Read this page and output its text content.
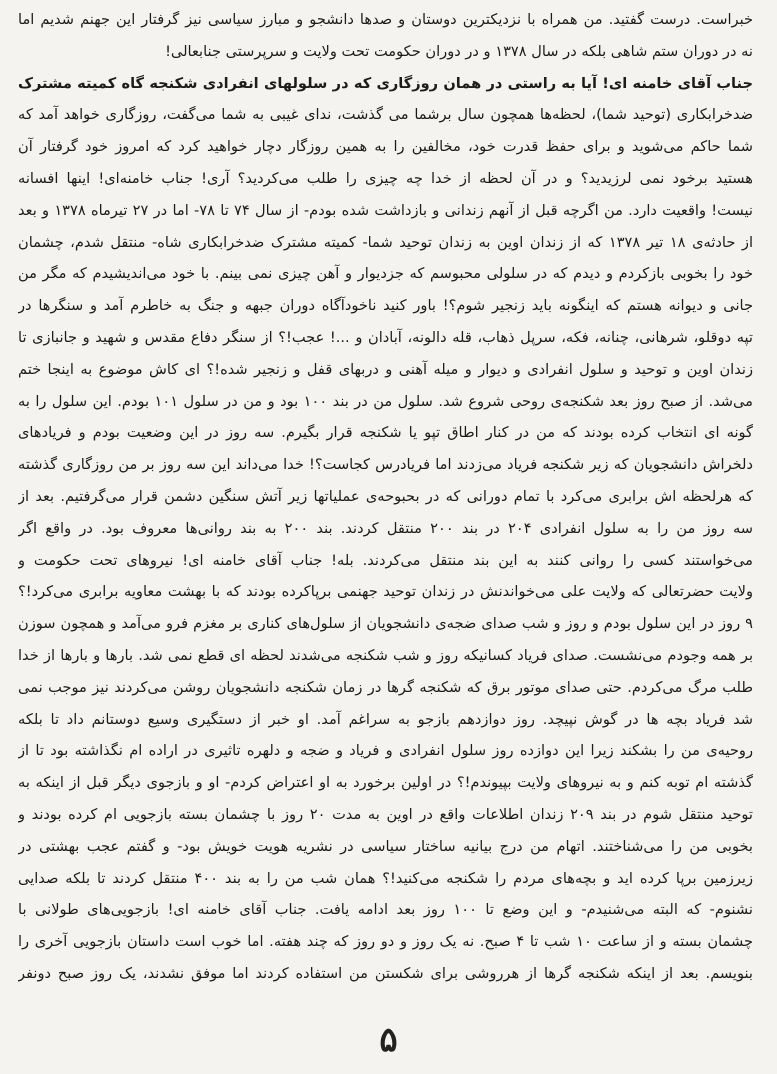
خبراست. درست گفتید. من همراه با نزدیکترین دوستان و صدها دانشجو و مبارز سیاسی نیز گرفتار این جهنم شدیم اما
نه در دوران ستم شاهی بلکه در سال ۱۳۷۸ و در دوران حکومت تحت ولایت و سرپرستی جنابعالی!
جناب آقای خامنه ای! آیا به راستی در همان روزگاری که در سلولهای انفرادی شکنجه گاه کمیته مشترک
ضدخرابکاری (توحید شما)، لحظه‌ها همچون سال برشما می گذشت، ندای غیبی به شما می‌گفت، روزگاری خواهد آمد که
شما حاکم می‌شوید و برای حفظ قدرت خود، مخالفین را به همین روزگار دچار خواهید کرد که امروز خود گرفتار آن
هستید برخود نمی لرزیدید؟ و در آن لحظه از خدا چه چیزی را طلب می‌کردید؟ آری! جناب خامنه‌ای! اینها افسانه
نیست! واقعیت دارد. من اگرچه قبل از آنهم زندانی و بازداشت شده بودم- از سال ۷۴ تا ۷۸- اما در ۲۷ تیرماه ۱۳۷۸ و بعد
از حادثه‌ی ۱۸ تیر ۱۳۷۸ که از زندان اوین به زندان توحید شما- کمیته مشترک ضدخرابکاری شاه- منتقل شدم، چشمان
خود را بخوبی بازکردم و دیدم که در سلولی محبوسم که جزدیوار و آهن چیزی نمی بینم. با خود می‌اندیشیدم که مگر من
جانی و دیوانه هستم که اینگونه باید زنجیر شوم؟! باور کنید ناخودآگاه دوران جبهه و جنگ به خاطرم آمد و سنگرها در
تپه دوقلو، شرهانی، چنانه، فکه، سرپل ذهاب، قله دالونه، آبادان و ...! عجب!؟ از سنگر دفاع مقدس و شهید و جانبازی تا
زندان اوین و توحید و سلول انفرادی و دیوار و میله آهنی و دربهای قفل و زنجیر شده!؟ ای کاش موضوع به اینجا ختم
می‌شد. از صبح روز بعد شکنجه‌ی روحی شروع شد. سلول من در بند ۱۰۰ بود و من در سلول ۱۰۱ بودم. این سلول را به
گونه ای انتخاب کرده بودند که من در کنار اطاق تپو یا شکنجه قرار بگیرم. سه روز در این وضعیت بودم و فریادهای
دلخراش دانشجویان که زیر شکنجه فریاد می‌زدند اما فریادرس کجاست؟! خدا می‌داند این سه روز بر من روزگاری گذشته
که هرلحظه اش برابری می‌کرد با تمام دورانی که در بحبوحه‌ی عملیاتها زیر آتش سنگین دشمن قرار می‌گرفتیم. بعد از
سه روز من را به سلول انفرادی ۲۰۴ در بند ۲۰۰ منتقل کردند. بند ۲۰۰ به بند روانی‌ها معروف بود. در واقع اگر
می‌خواستند کسی را روانی کنند به این بند منتقل می‌کردند. بله! جناب آقای خامنه ای! نیروهای تحت حکومت و
ولایت حضرتعالی که ولایت علی می‌خواندنش در زندان توحید جهنمی برپاکرده بودند که با بهشت معاویه برابری می‌کرد!؟
۹ روز در این سلول بودم و روز و شب صدای ضجه‌ی دانشجویان از سلول‌های کناری بر مغزم فرو می‌آمد و همچون سوزن
بر همه وجودم می‌نشست. صدای فریاد کسانیکه روز و شب شکنجه می‌شدند لحظه ای قطع نمی شد. بارها و بارها از خدا
طلب مرگ می‌کردم. حتی صدای موتور برق که شکنجه گرها در زمان شکنجه دانشجویان روشن می‌کردند نیز موجب نمی
شد فریاد بچه ها در گوش نپیچد. روز دوازدهم بازجو به سراغم آمد. او خبر از دستگیری وسیع دوستانم داد تا بلکه
روحیه‌ی من را بشکند زیرا این دوازده روز سلول انفرادی و فریاد و ضجه و دلهره تاثیری در اراده ام نگذاشته بود تا از
گذشته ام توبه کنم و به نیروهای ولایت بپیوندم!؟ در اولین برخورد به او اعتراض کردم- او و بازجوی دیگر قبل از اینکه به
توحید منتقل شوم در بند ۲۰۹ زندان اطلاعات واقع در اوین به مدت ۲۰ روز با چشمان بسته بازجویی ام کرده بودند و
بخوبی من را می‌شناختند. اتهام من درج بیانیه ساختار سیاسی در نشریه هویت خویش بود- و گفتم عجب بهشتی در
زیرزمین برپا کرده اید و بچه‌های مردم را شکنجه می‌کنید!؟ همان شب من را به بند ۴۰۰ منتقل کردند تا بلکه صدایی
نشنوم- که البته می‌شنیدم- و این وضع تا ۱۰۰ روز بعد ادامه یافت. جناب آقای خامنه ای! بازجویی‌های طولانی با
چشمان بسته و از ساعت ۱۰ شب تا ۴ صبح. نه یک روز و دو روز که چند هفته. اما خوب است داستان بازجویی آخری را
بنویسم. بعد از اینکه شکنجه گرها از هرروشی برای شکستن من استفاده کردند اما موفق نشدند، یک روز صبح دونفر
۵
